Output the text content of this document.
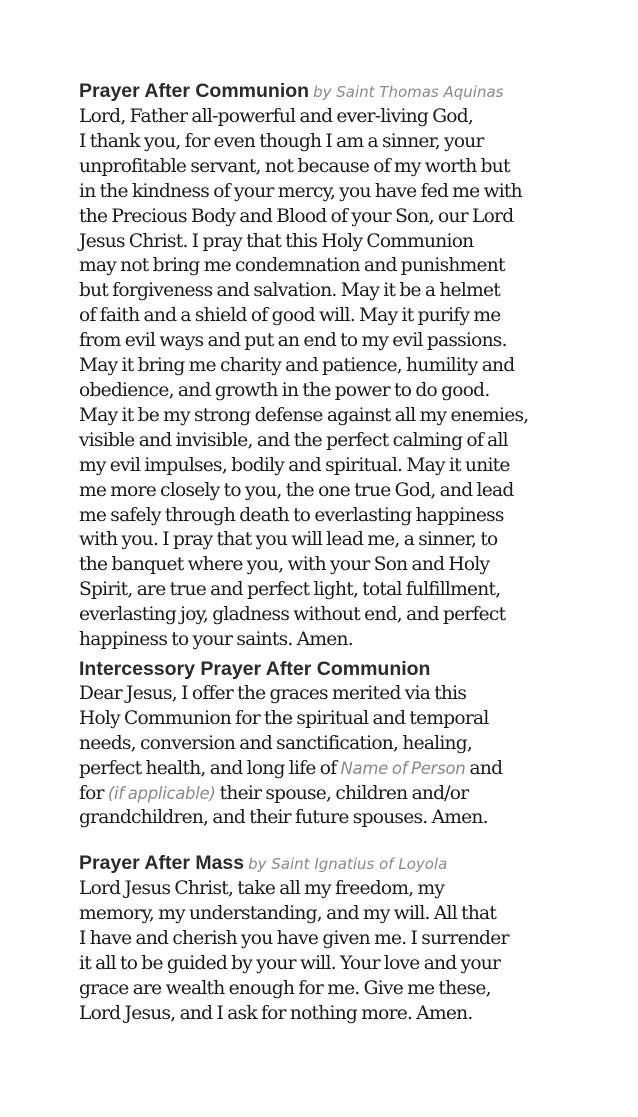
Prayer After Communion by Saint Thomas Aquinas
Lord, Father all-powerful and ever-living God,
I thank you, for even though I am a sinner, your
unprofitable servant, not because of my worth but
in the kindness of your mercy, you have fed me with
the Precious Body and Blood of your Son, our Lord
Jesus Christ. I pray that this Holy Communion
may not bring me condemnation and punishment
but forgiveness and salvation. May it be a helmet
of faith and a shield of good will. May it purify me
from evil ways and put an end to my evil passions.
May it bring me charity and patience, humility and
obedience, and growth in the power to do good.
May it be my strong defense against all my enemies,
visible and invisible, and the perfect calming of all
my evil impulses, bodily and spiritual. May it unite
me more closely to you, the one true God, and lead
me safely through death to everlasting happiness
with you. I pray that you will lead me, a sinner, to
the banquet where you, with your Son and Holy
Spirit, are true and perfect light, total fulfillment,
everlasting joy, gladness without end, and perfect
happiness to your saints. Amen.
Intercessory Prayer After Communion
Dear Jesus, I offer the graces merited via this
Holy Communion for the spiritual and temporal
needs, conversion and sanctification, healing,
perfect health, and long life of Name of Person and
for (if applicable) their spouse, children and/or
grandchildren, and their future spouses. Amen.
Prayer After Mass by Saint Ignatius of Loyola
Lord Jesus Christ, take all my freedom, my
memory, my understanding, and my will. All that
I have and cherish you have given me. I surrender
it all to be guided by your will. Your love and your
grace are wealth enough for me. Give me these,
Lord Jesus, and I ask for nothing more. Amen.
